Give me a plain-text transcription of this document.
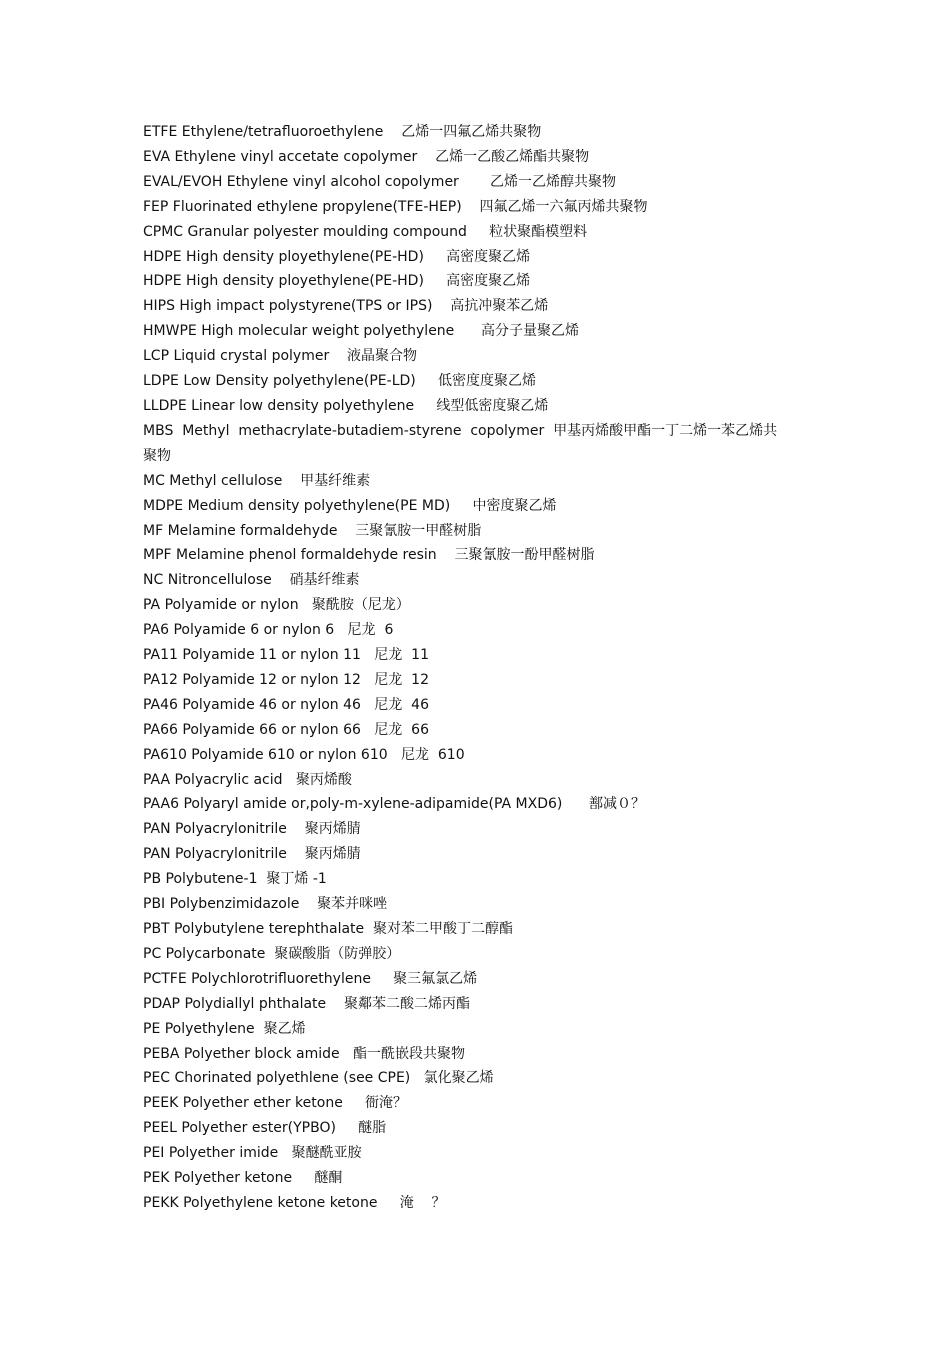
ETFE Ethylene/tetrafluoroethylene    乙烯一四氟乙烯共聚物
EVA Ethylene vinyl accetate copolymer    乙烯一乙酸乙烯酯共聚物
EVAL/EVOH Ethylene vinyl alcohol copolymer       乙烯一乙烯醇共聚物
FEP Fluorinated ethylene propylene(TFE-HEP)    四氟乙烯一六氟丙烯共聚物
CPMC Granular polyester moulding compound     粒状聚酯模塑料
HDPE High density ployethylene(PE-HD)     高密度聚乙烯
HDPE High density ployethylene(PE-HD)     高密度聚乙烯
HIPS High impact polystyrene(TPS or IPS)    高抗冲聚苯乙烯
HMWPE High molecular weight polyethylene      高分子量聚乙烯
LCP Liquid crystal polymer    液晶聚合物
LDPE Low Density polyethylene(PE-LD)     低密度度聚乙烯
LLDPE Linear low density polyethylene     线型低密度聚乙烯
MBS  Methyl  methacrylate-butadiem-styrene  copolymer  甲基丙烯酸甲酯一丁二烯一苯乙烯共聚物
MC Methyl cellulose    甲基纤维素
MDPE Medium density polyethylene(PE MD)     中密度聚乙烯
MF Melamine formaldehyde    三聚氰胺一甲醛树脂
MPF Melamine phenol formaldehyde resin    三聚氰胺一酚甲醛树脂
NC Nitroncellulose    硝基纤维素
PA Polyamide or nylon   聚酰胺（尼龙）
PA6 Polyamide 6 or nylon 6   尼龙  6
PA11 Polyamide 11 or nylon 11   尼龙  11
PA12 Polyamide 12 or nylon 12   尼龙  12
PA46 Polyamide 46 or nylon 46   尼龙  46
PA66 Polyamide 66 or nylon 66   尼龙  66
PA610 Polyamide 610 or nylon 610   尼龙  610
PAA Polyacrylic acid   聚丙烯酸
PAA6 Polyaryl amide or,poly-m-xylene-adipamide(PA MXD6)      鄯减０？
PAN Polyacrylonitrile    聚丙烯腈
PAN Polyacrylonitrile    聚丙烯腈
PB Polybutene-1  聚丁烯 -1
PBI Polybenzimidazole    聚苯并咪唑
PBT Polybutylene terephthalate  聚对苯二甲酸丁二醇酯
PC Polycarbonate  聚碳酸脂（防弹胶）
PCTFE Polychlorotrifluorethylene     聚三氟氯乙烯
PDAP Polydiallyl phthalate    聚鄰苯二酸二烯丙酯
PE Polyethylene  聚乙烯
PEBA Polyether block amide   酯一酰嵌段共聚物
PEC Chorinated polyethlene (see CPE)   氯化聚乙烯
PEEK Polyether ether ketone     衙淹？
PEEL Polyether ester(YPBO)     醚脂
PEI Polyether imide   聚醚酰亚胺
PEK Polyether ketone     醚酮
PEKK Polyethylene ketone ketone     淹    ？
